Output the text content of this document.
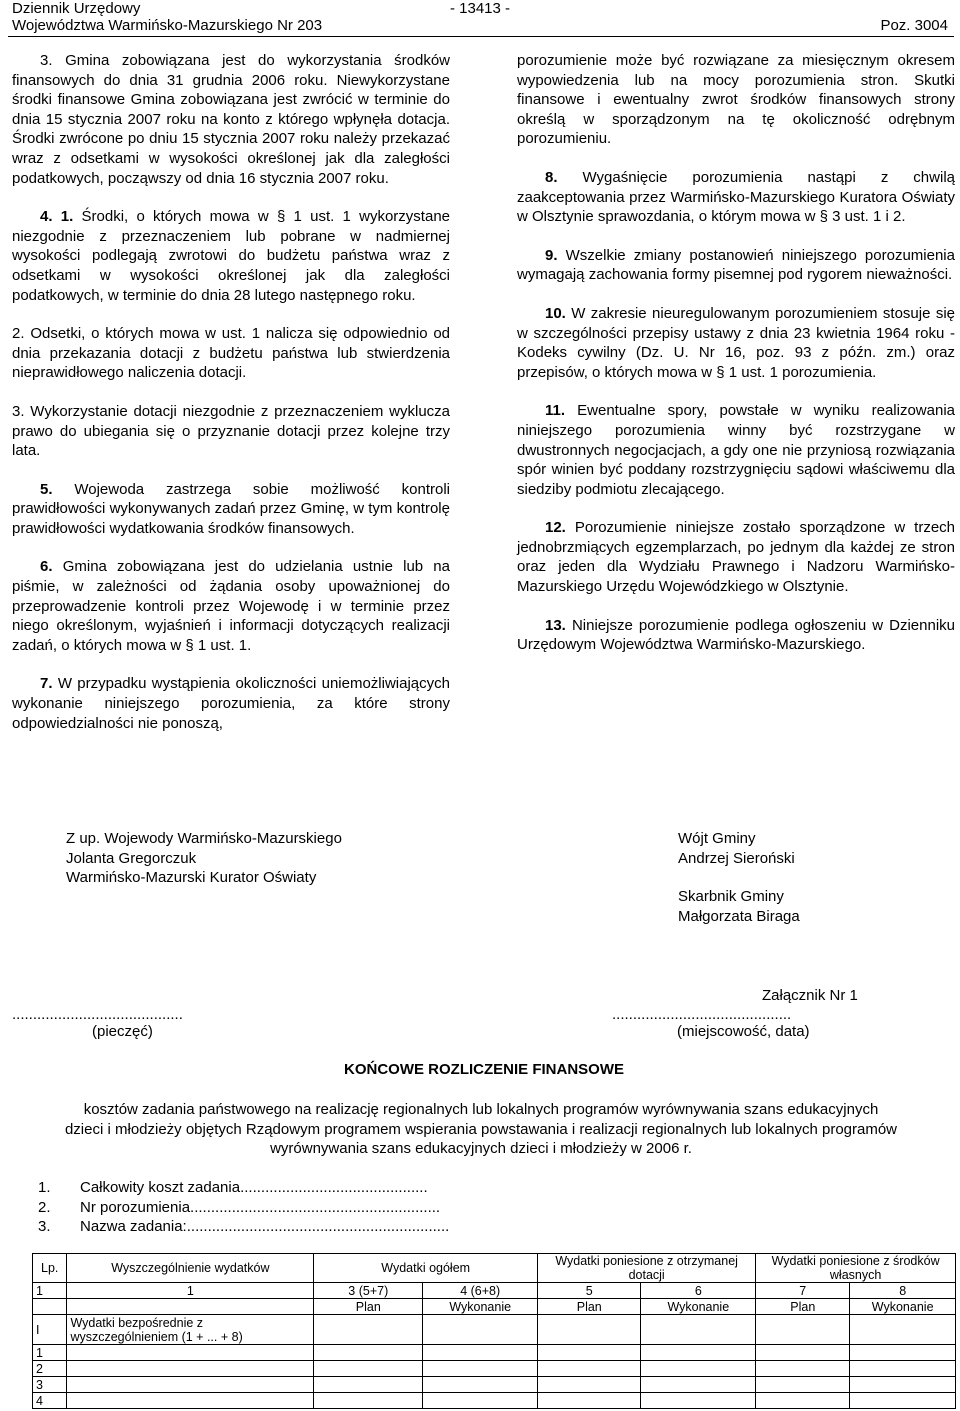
Dziennik Urzędowy
Województwa Warmińsko-Mazurskiego Nr 203
- 13413 -
Poz. 3004

3. Gmina zobowiązana jest do wykorzystania środków finansowych do dnia 31 grudnia 2006 roku. Niewykorzystane środki finansowe Gmina zobowiązana jest zwrócić w terminie do dnia 15 stycznia 2007 roku na konto z którego wpłynęła dotacja. Środki zwrócone po dniu 15 stycznia 2007 roku należy przekazać wraz z odsetkami w wysokości określonej jak dla zaległości podatkowych, począwszy od dnia 16 stycznia 2007 roku.

4. 1. Środki, o których mowa w § 1 ust. 1 wykorzystane niezgodnie z przeznaczeniem lub pobrane w nadmiernej wysokości podlegają zwrotowi do budżetu państwa wraz z odsetkami w wysokości określonej jak dla zaległości podatkowych, w terminie do dnia 28 lutego następnego roku.

2. Odsetki, o których mowa w ust. 1 nalicza się odpowiednio od dnia przekazania dotacji z budżetu państwa lub stwierdzenia nieprawidłowego naliczenia dotacji.

3. Wykorzystanie dotacji niezgodnie z przeznaczeniem wyklucza prawo do ubiegania się o przyznanie dotacji przez kolejne trzy lata.

5. Wojewoda zastrzega sobie możliwość kontroli prawidłowości wykonywanych zadań przez Gminę, w tym kontrolę prawidłowości wydatkowania środków finansowych.

6. Gmina zobowiązana jest do udzielania ustnie lub na piśmie, w zależności od żądania osoby upoważnionej do przeprowadzenie kontroli przez Wojewodę i w terminie przez niego określonym, wyjaśnień i informacji dotyczących realizacji zadań, o których mowa w § 1 ust. 1.

7. W przypadku wystąpienia okoliczności uniemożliwiających wykonanie niniejszego porozumienia, za które strony odpowiedzialności nie ponoszą,

porozumienie może być rozwiązane za miesięcznym okresem wypowiedzenia lub na mocy porozumienia stron. Skutki finansowe i ewentualny zwrot środków finansowych strony określą w sporządzonym na tę okoliczność odrębnym porozumieniu.

8. Wygaśnięcie porozumienia nastąpi z chwilą zaakceptowania przez Warmińsko-Mazurskiego Kuratora Oświaty w Olsztynie sprawozdania, o którym mowa w § 3 ust. 1 i 2.

9. Wszelkie zmiany postanowień niniejszego porozumienia wymagają zachowania formy pisemnej pod rygorem nieważności.

10. W zakresie nieuregulowanym porozumieniem stosuje się w szczególności przepisy ustawy z dnia 23 kwietnia 1964 roku - Kodeks cywilny (Dz. U. Nr 16, poz. 93 z późn. zm.) oraz przepisów, o których mowa w § 1 ust. 1 porozumienia.

11. Ewentualne spory, powstałe w wyniku realizowania niniejszego porozumienia winny być rozstrzygane w dwustronnych negocjacjach, a gdy one nie przyniosą rozwiązania spór winien być poddany rozstrzygnięciu sądowi właściwemu dla siedziby podmiotu zlecającego.

12. Porozumienie niniejsze zostało sporządzone w trzech jednobrzmiących egzemplarzach, po jednym dla każdej ze stron oraz jeden dla Wydziału Prawnego i Nadzoru Warmińsko-Mazurskiego Urzędu Wojewódzkiego w Olsztynie.

13. Niniejsze porozumienie podlega ogłoszeniu w Dzienniku Urzędowym Województwa Warmińsko-Mazurskiego.

Z up. Wojewody Warmińsko-Mazurskiego
Jolanta Gregorczuk
Warmińsko-Mazurski Kurator Oświaty
Wójt Gminy
Andrzej Sieroński
Skarbnik Gminy
Małgorzata Biraga
Załącznik Nr 1
.........................................
(pieczęć)
...........................................
(miejscowość, data)
KOŃCOWE ROZLICZENIE FINANSOWE
kosztów zadania państwowego na realizację regionalnych lub lokalnych programów wyrównywania szans edukacyjnych
dzieci i młodzieży objętych Rządowym programem wspierania powstawania i realizacji regionalnych lub lokalnych programów
wyrównywania szans edukacyjnych dzieci i młodzieży w 2006 r.
1. Całkowity koszt zadania.............................................
2. Nr porozumienia............................................................
3. Nazwa zadania:...............................................................
Lp.	Wyszczególnienie wydatków	Wydatki ogółem		Wydatki poniesione z otrzymanej dotacji		Wydatki poniesione z środków własnych	
1	1	3 (5+7)	4 (6+8)	5	6	7	8
		Plan	Wykonanie	Plan	Wykonanie	Plan	Wykonanie
I	Wydatki bezpośrednie z wyszczególnieniem (1 + ... + 8)						
1							
2							
3							
4							
